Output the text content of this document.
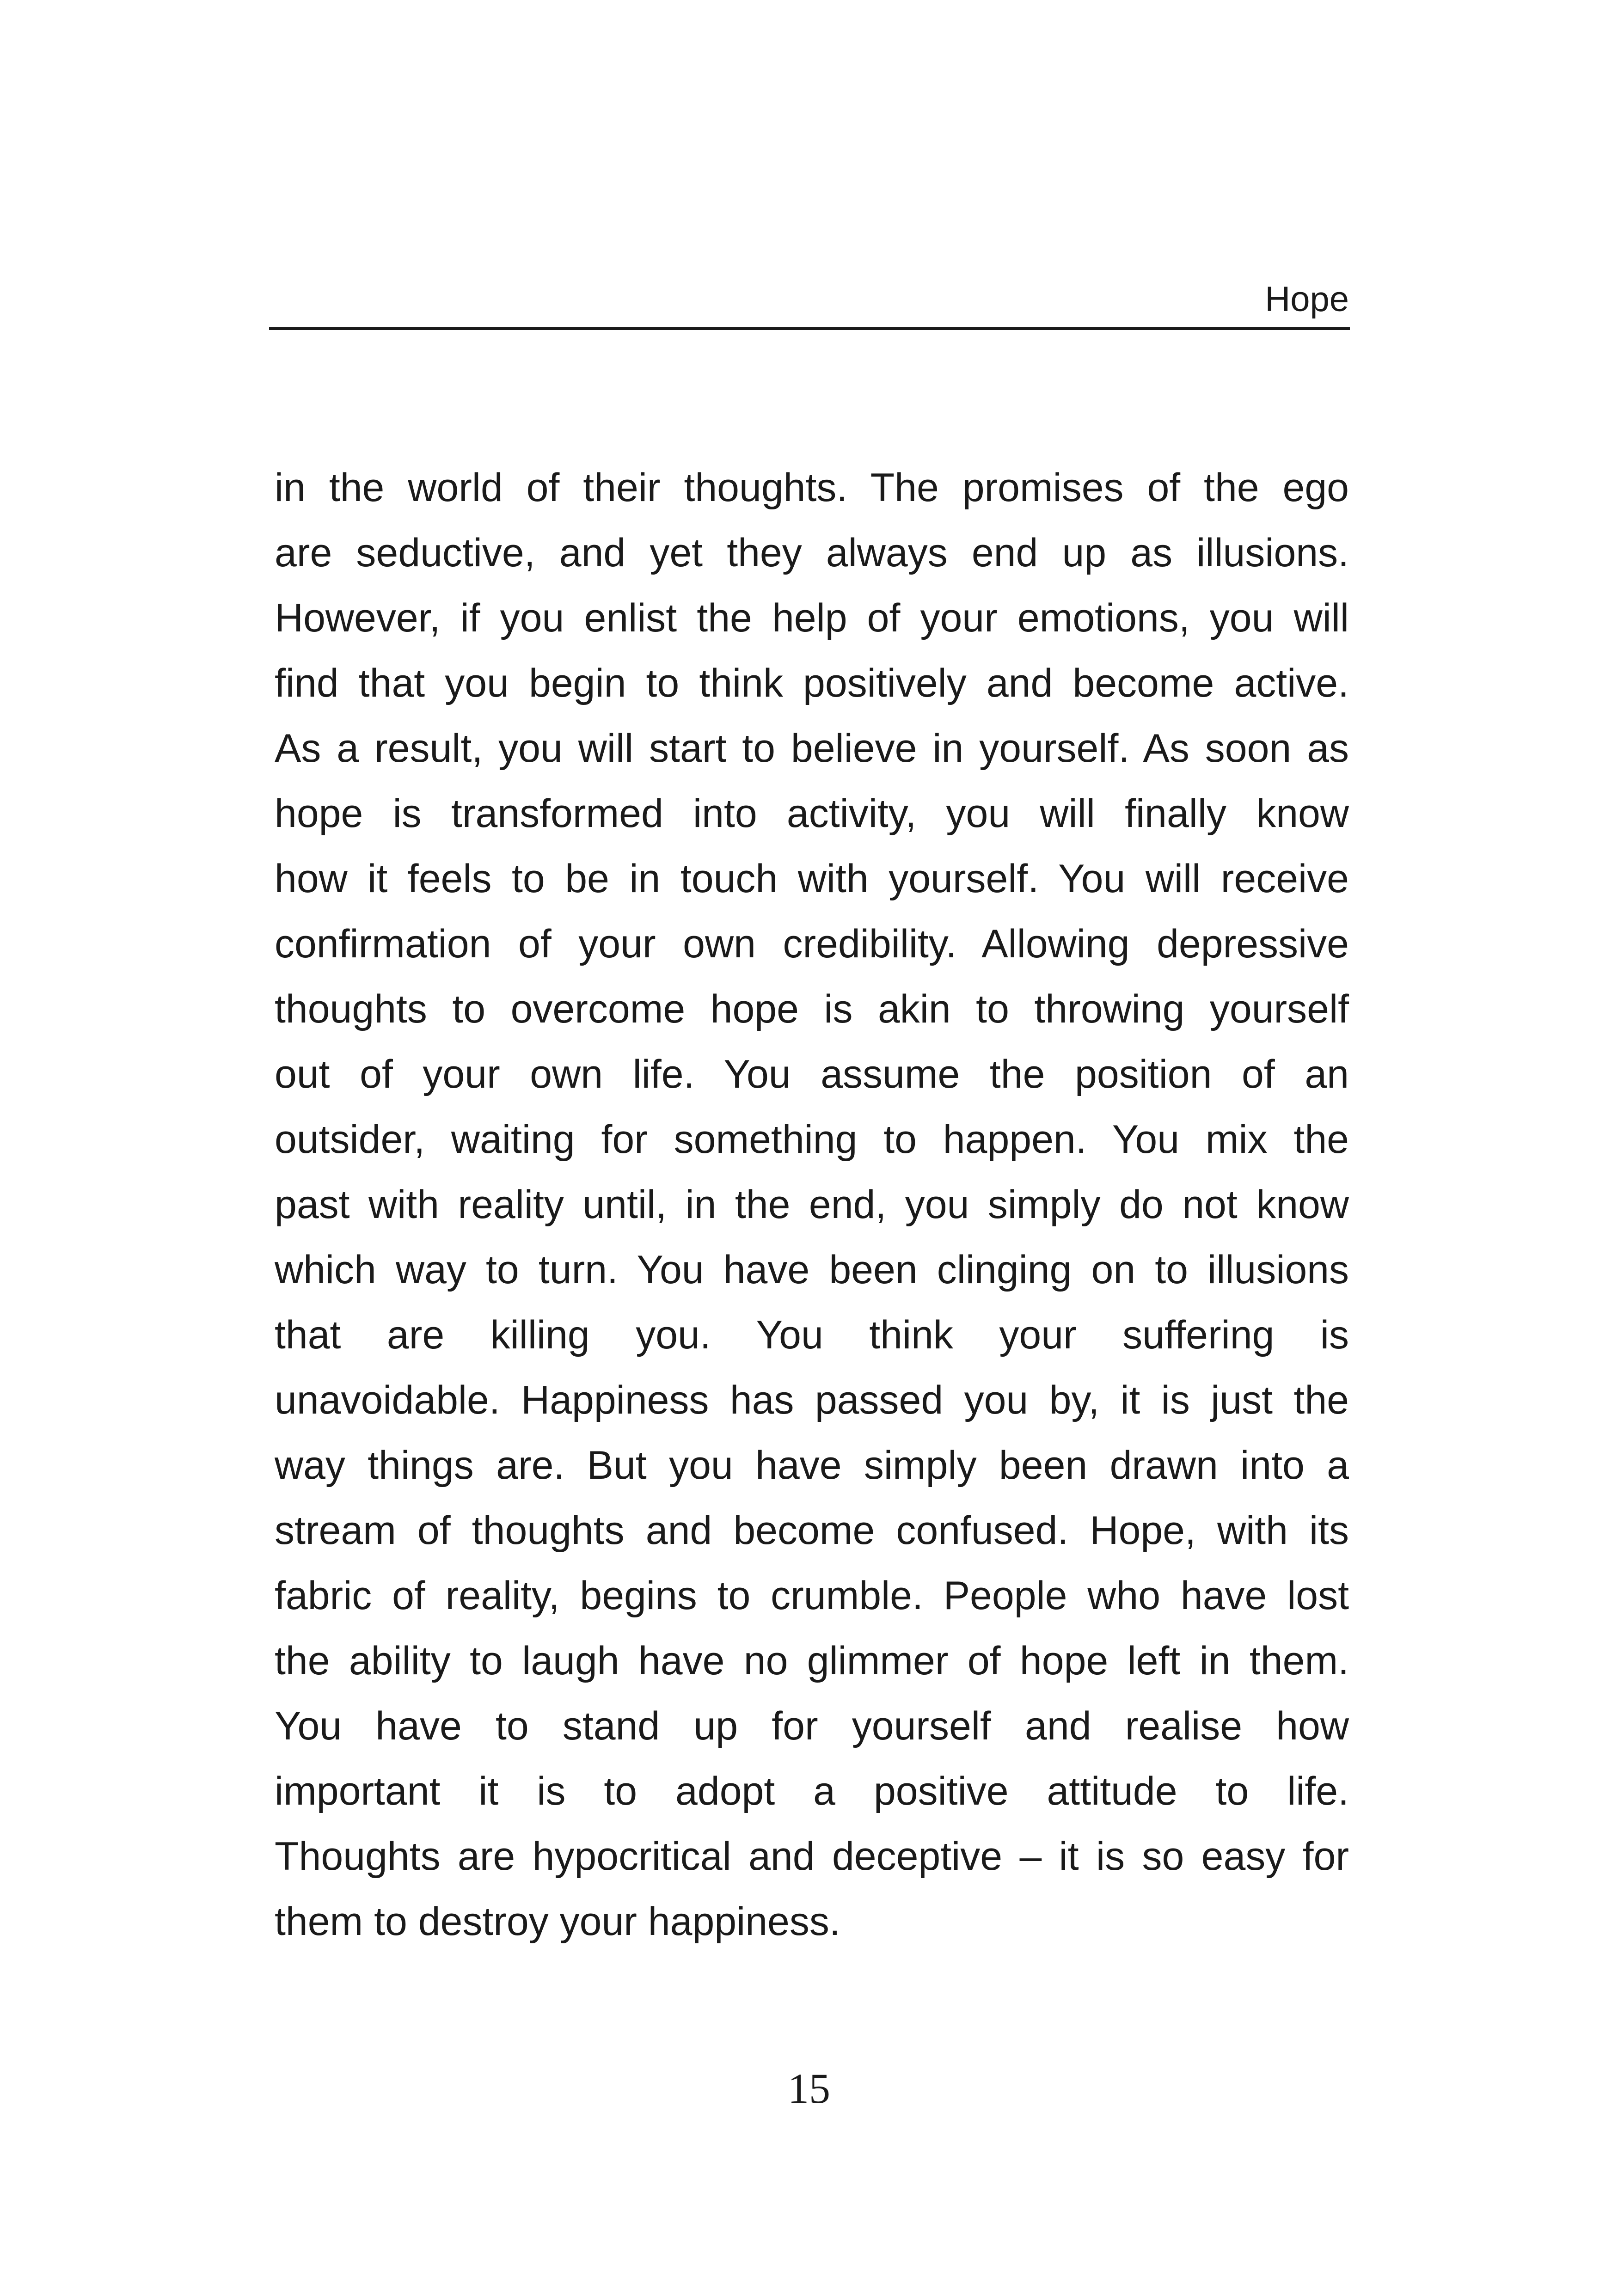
Hope
in the world of their thoughts. The promises of the ego
are seductive, and yet they always end up as illusions.
However, if you enlist the help of your emotions, you will
find that you begin to think positively and become active.
As a result, you will start to believe in yourself. As soon as
hope is transformed into activity, you will finally know
how it feels to be in touch with yourself. You will receive
confirmation of your own credibility. Allowing depressive
thoughts to overcome hope is akin to throwing yourself
out of your own life. You assume the position of an
outsider, waiting for something to happen. You mix the
past with reality until, in the end, you simply do not know
which way to turn. You have been clinging on to illusions
that are killing you. You think your suffering is
unavoidable. Happiness has passed you by, it is just the
way things are. But you have simply been drawn into a
stream of thoughts and become confused. Hope, with its
fabric of reality, begins to crumble. People who have lost
the ability to laugh have no glimmer of hope left in them.
You have to stand up for yourself and realise how
important it is to adopt a positive attitude to life.
Thoughts are hypocritical and deceptive – it is so easy for
them to destroy your happiness.
15
